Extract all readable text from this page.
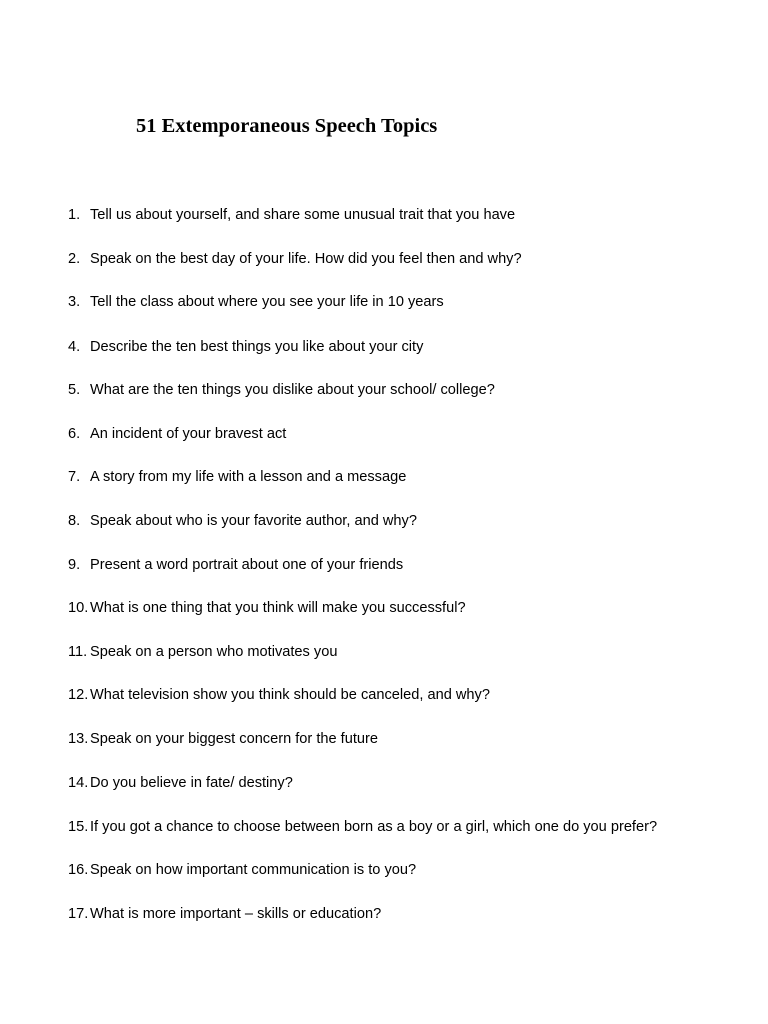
51 Extemporaneous Speech Topics
1. Tell us about yourself, and share some unusual trait that you have
2. Speak on the best day of your life. How did you feel then and why?
3. Tell the class about where you see your life in 10 years
4. Describe the ten best things you like about your city
5. What are the ten things you dislike about your school/ college?
6. An incident of your bravest act
7. A story from my life with a lesson and a message
8. Speak about who is your favorite author, and why?
9. Present a word portrait about one of your friends
10. What is one thing that you think will make you successful?
11. Speak on a person who motivates you
12. What television show you think should be canceled, and why?
13. Speak on your biggest concern for the future
14. Do you believe in fate/ destiny?
15. If you got a chance to choose between born as a boy or a girl, which one do you prefer?
16. Speak on how important communication is to you?
17. What is more important – skills or education?
